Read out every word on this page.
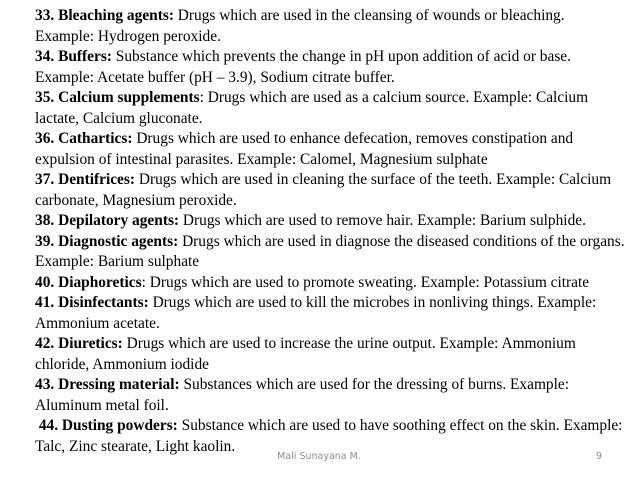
33. Bleaching agents: Drugs which are used in the cleansing of wounds or bleaching. Example: Hydrogen peroxide.

34. Buffers: Substance which prevents the change in pH upon addition of acid or base. Example: Acetate buffer (pH – 3.9), Sodium citrate buffer.

35. Calcium supplements: Drugs which are used as a calcium source. Example: Calcium lactate, Calcium gluconate.

36. Cathartics: Drugs which are used to enhance defecation, removes constipation and expulsion of intestinal parasites. Example: Calomel, Magnesium sulphate

37. Dentifrices: Drugs which are used in cleaning the surface of the teeth. Example: Calcium carbonate, Magnesium peroxide.

38. Depilatory agents: Drugs which are used to remove hair. Example: Barium sulphide.

39. Diagnostic agents: Drugs which are used in diagnose the diseased conditions of the organs. Example: Barium sulphate

40. Diaphoretics: Drugs which are used to promote sweating. Example: Potassium citrate

41. Disinfectants: Drugs which are used to kill the microbes in nonliving things. Example: Ammonium acetate.

42. Diuretics: Drugs which are used to increase the urine output. Example: Ammonium chloride, Ammonium iodide

43. Dressing material: Substances which are used for the dressing of burns. Example: Aluminum metal foil.

44. Dusting powders: Substance which are used to have soothing effect on the skin. Example: Talc, Zinc stearate, Light kaolin.

Mali Sunayana M.	9
